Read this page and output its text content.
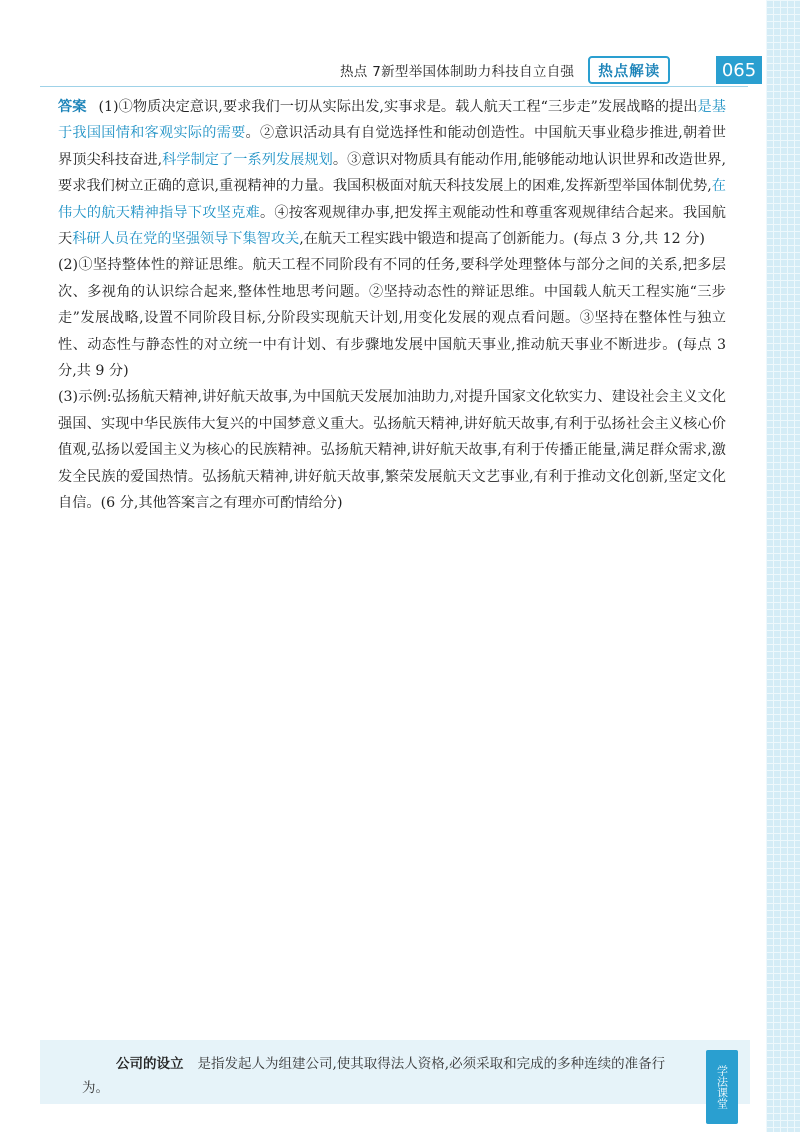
热点 7 新型举国体制助力科技自立自强	热点解读	065

答案 (1)①物质决定意识,要求我们一切从实际出发,实事求是。载人航天工程“三步走”发展战略的提出是基于我国国情和客观实际的需要。②意识活动具有自觉选择性和能动创造性。中国航天事业稳步推进,朝着世界顶尖科技奋进,科学制定了一系列发展规划。③意识对物质具有能动作用,能够能动地认识世界和改造世界,要求我们树立正确的意识,重视精神的力量。我国积极面对航天科技发展上的困难,发挥新型举国体制优势,在伟大的航天精神指导下攻坚克难。④按客观规律办事,把发挥主观能动性和尊重客观规律结合起来。我国航天科研人员在党的坚强领导下集智攻关,在航天工程实践中锻造和提高了创新能力。(每点 3 分,共 12 分)

(2)①坚持整体性的辩证思维。航天工程不同阶段有不同的任务,要科学处理整体与部分之间的关系,把多层次、多视角的认识综合起来,整体性地思考问题。②坚持动态性的辩证思维。中国载人航天工程实施“三步走”发展战略,设置不同阶段目标,分阶段实现航天计划,用变化发展的观点看问题。③坚持在整体性与独立性、动态性与静态性的对立统一中有计划、有步骤地发展中国航天事业,推动航天事业不断进步。(每点 3 分,共 9 分)

(3)示例:弘扬航天精神,讲好航天故事,为中国航天发展加油助力,对提升国家文化软实力、建设社会主义文化强国、实现中华民族伟大复兴的中国梦意义重大。弘扬航天精神,讲好航天故事,有利于弘扬社会主义核心价值观,弘扬以爱国主义为核心的民族精神。弘扬航天精神,讲好航天故事,有利于传播正能量,满足群众需求,激发全民族的爱国热情。弘扬航天精神,讲好航天故事,繁荣发展航天文艺事业,有利于推动文化创新,坚定文化自信。(6 分,其他答案言之有理亦可酌情给分)

公司的设立 是指发起人为组建公司,使其取得法人资格,必须采取和完成的多种连续的准备行为。	学法课堂
